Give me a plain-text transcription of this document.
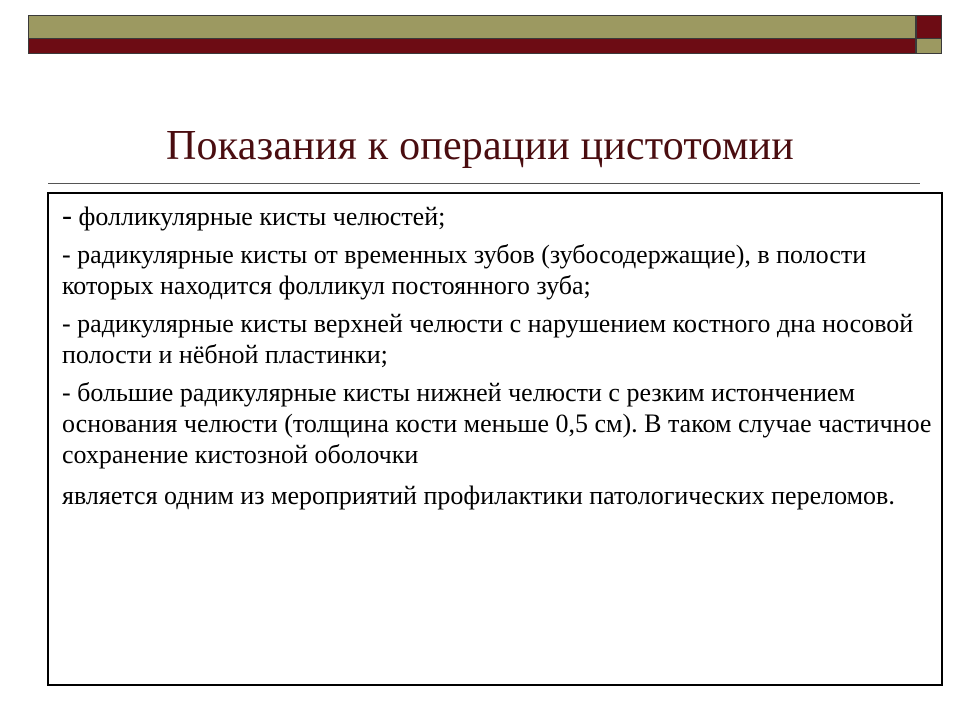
Показания к операции цистотомии

- фолликулярные кисты челюстей;

- радикулярные кисты от временных зубов (зубосодержащие), в полости которых находится фолликул постоянного зуба;

- радикулярные кисты верхней челюсти с нарушением костного дна носовой полости и нёбной пластинки;

- большие радикулярные кисты нижней челюсти с резким истончением основания челюсти (толщина кости меньше 0,5 см). В таком случае частичное сохранение кистозной оболочки

является одним из мероприятий профилактики патологических переломов.
